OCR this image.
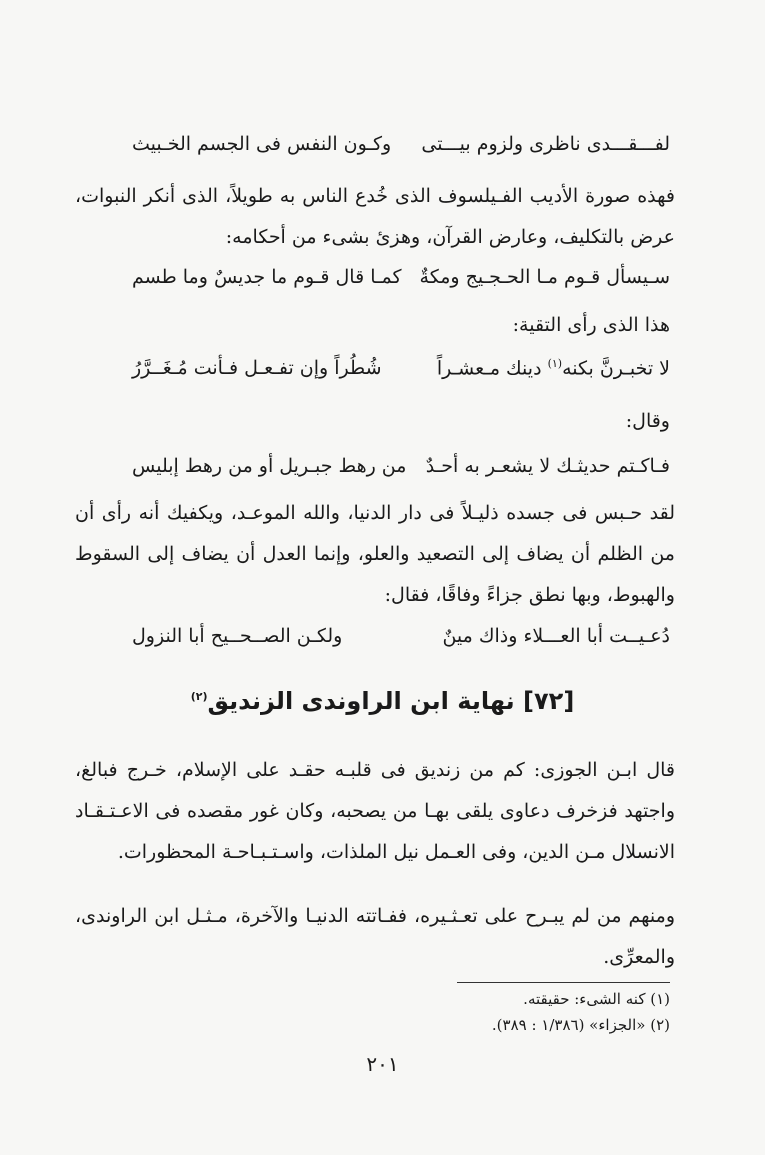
لفـــقـــدى ناظرى ولزوم بيـــتى
وكـون النفس فى الجسم الخـبيث
فهذه صورة الأديب الفـيلسوف الذى خُدع الناس به طويلاً، الذى أنكر النبوات، عرض بالتكليف، وعارض القرآن، وهزئ بشىء من أحكامه:
سـيسأل قـوم مـا الحـجـيج ومكةٌ
كمـا قال قـوم ما جديسٌ وما طسم
هذا الذى رأى التقية:
لا تخبـرنَّ بكنه$^{(١)}$ دينك مـعشـراً
شُطُراً وإن تفـعـل فـأنت مُـغَــرَّرُ
وقال:
فـاكـتم حديثـك لا يشعـر به أحـدٌ
من رهط جبـريل أو من رهط إبليس
لقد حـبس فى جسده ذليـلاً فى دار الدنيا، والله الموعـد، ويكفيك أنه رأى أن من الظلم أن يضاف إلى التصعيد والعلو، وإنما العدل أن يضاف إلى السقوط والهبوط، وبها نطق جزاءً وفاقًا، فقال:
دُعـيــت أبا العـــلاء وذاك مينٌ
ولكـن الصــحــيح أبا النزول
[٧٢] نهاية ابن الراوندى الزنديق$^{(٢)}$
قال ابـن الجوزى: كم من زنديق فى قلبـه حقـد على الإسلام، خـرج فبالغ، واجتهد فزخرف دعاوى يلقى بهـا من يصحبه، وكان غور مقصده فى الاعـتـقـاد الانسلال مـن الدين، وفى العـمل نيل الملذات، واسـتـبـاحـة المحظورات.
ومنهم من لم يبـرح على تعـثـيره، ففـاتته الدنيـا والآخرة، مـثـل ابن الراوندى، والمعرِّى.
(١) كنه الشىء: حقيقته.
(٢) «الجزاء» (١/٣٨٦ : ٣٨٩).
٢٠١
